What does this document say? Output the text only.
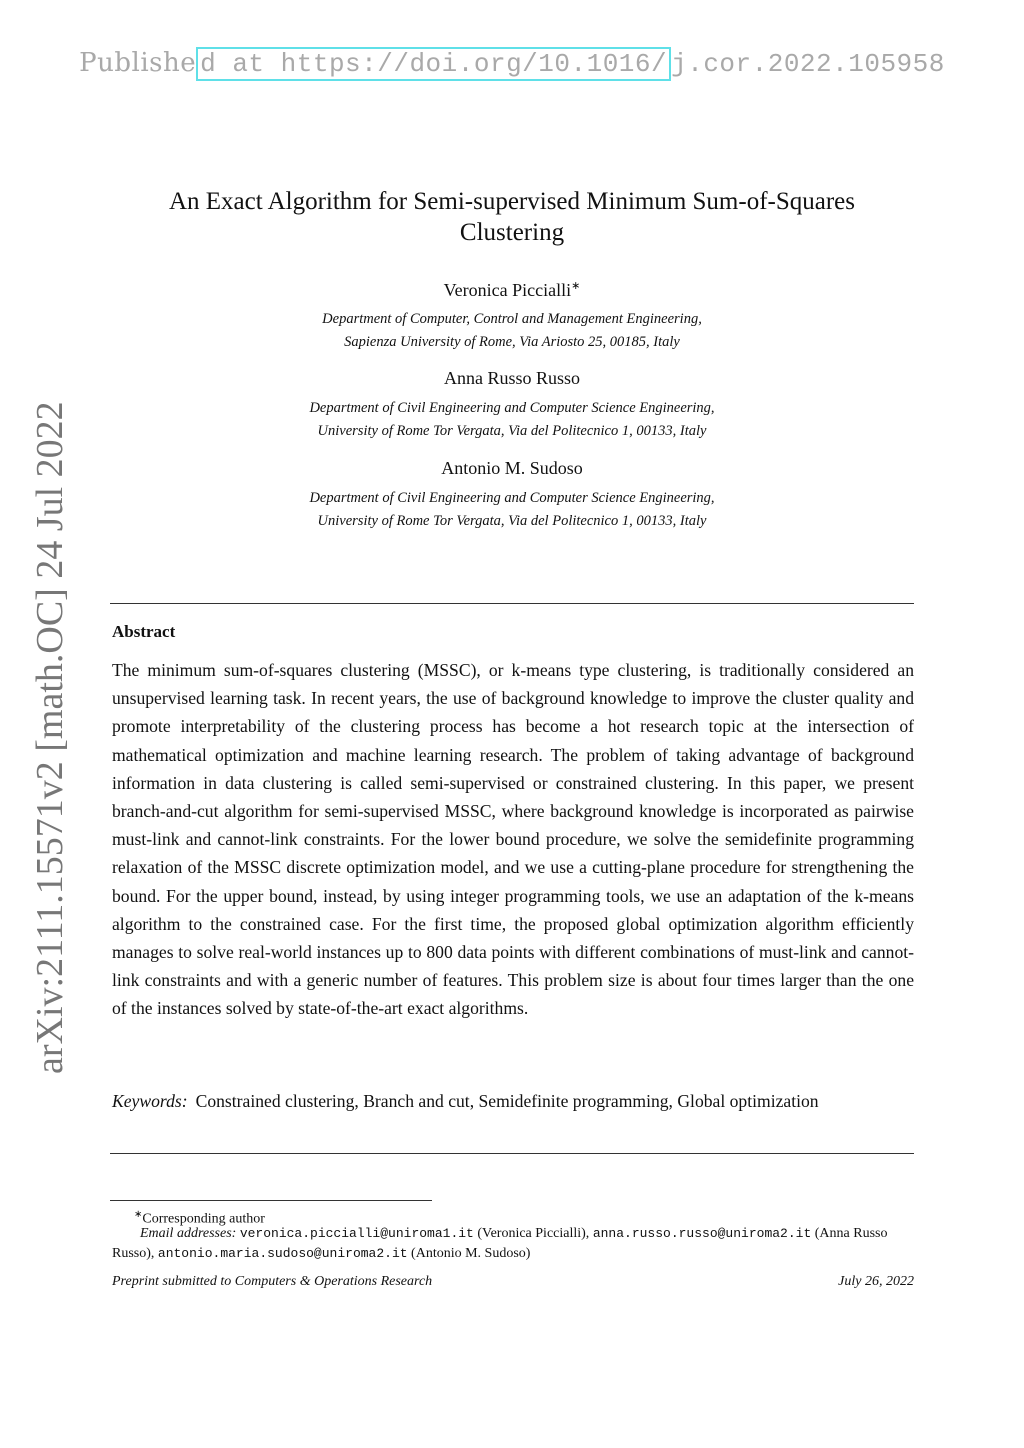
Publishe d at https://doi.org/10.1016/ j.cor.2022.105958
arXiv:2111.15571v2 [math.OC] 24 Jul 2022
An Exact Algorithm for Semi-supervised Minimum Sum-of-Squares
Clustering
Veronica Piccialli∗
Department of Computer, Control and Management Engineering,
Sapienza University of Rome, Via Ariosto 25, 00185, Italy
Anna Russo Russo
Department of Civil Engineering and Computer Science Engineering,
University of Rome Tor Vergata, Via del Politecnico 1, 00133, Italy
Antonio M. Sudoso
Department of Civil Engineering and Computer Science Engineering,
University of Rome Tor Vergata, Via del Politecnico 1, 00133, Italy
Abstract
The minimum sum-of-squares clustering (MSSC), or k-means type clustering, is traditionally considered an unsupervised learning task. In recent years, the use of background knowledge to improve the cluster quality and promote interpretability of the clustering process has become a hot research topic at the intersection of mathematical optimization and machine learning research. The problem of taking advantage of background information in data clustering is called semi-supervised or constrained clustering. In this paper, we present branch-and-cut algorithm for semi-supervised MSSC, where background knowledge is incorporated as pairwise must-link and cannot-link constraints. For the lower bound procedure, we solve the semidefinite programming relaxation of the MSSC discrete optimization model, and we use a cutting-plane procedure for strengthening the bound. For the upper bound, instead, by using integer programming tools, we use an adaptation of the k-means algorithm to the constrained case. For the first time, the proposed global optimization algorithm efficiently manages to solve real-world instances up to 800 data points with different combinations of must-link and cannot-link constraints and with a generic number of features. This problem size is about four times larger than the one of the instances solved by state-of-the-art exact algorithms.
Keywords: Constrained clustering, Branch and cut, Semidefinite programming, Global optimization
∗Corresponding author
Email addresses: veronica.piccialli@uniroma1.it (Veronica Piccialli), anna.russo.russo@uniroma2.it (Anna Russo Russo), antonio.maria.sudoso@uniroma2.it (Antonio M. Sudoso)
Preprint submitted to Computers & Operations Research	July 26, 2022
